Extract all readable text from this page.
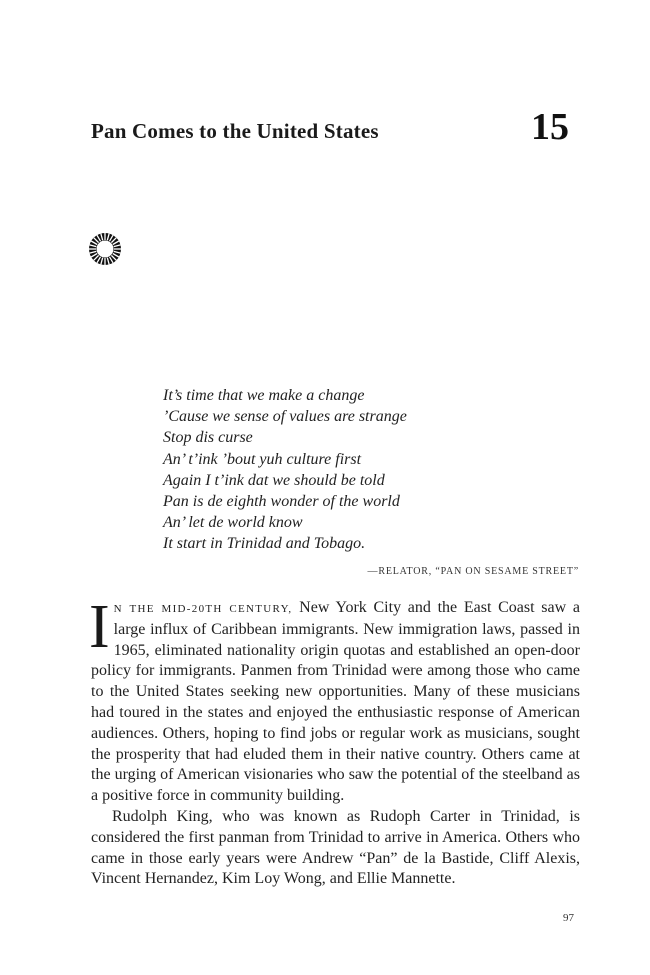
Pan Comes to the United States	15
It’s time that we make a change
’Cause we sense of values are strange
Stop dis curse
An’ t’ink ’bout yuh culture first
Again I t’ink dat we should be told
Pan is de eighth wonder of the world
An’ let de world know
It start in Trinidad and Tobago.
—RELATOR, “PAN ON SESAME STREET”

I N THE MID-20TH CENTURY, New York City and the East Coast saw a large influx of Caribbean immigrants. New immigration laws, passed in 1965, eliminated nationality origin quotas and established an open-door policy for immigrants. Panmen from Trinidad were among those who came to the United States seeking new opportunities. Many of these musicians had toured in the states and enjoyed the enthusiastic response of American audiences. Others, hoping to find jobs or regular work as musicians, sought the prosperity that had eluded them in their native country. Others came at the urging of American visionaries who saw the potential of the steelband as a positive force in community building.

Rudolph King, who was known as Rudoph Carter in Trinidad, is considered the first panman from Trinidad to arrive in America. Others who came in those early years were Andrew “Pan” de la Bastide, Cliff Alexis, Vincent Hernandez, Kim Loy Wong, and Ellie Mannette.

97
